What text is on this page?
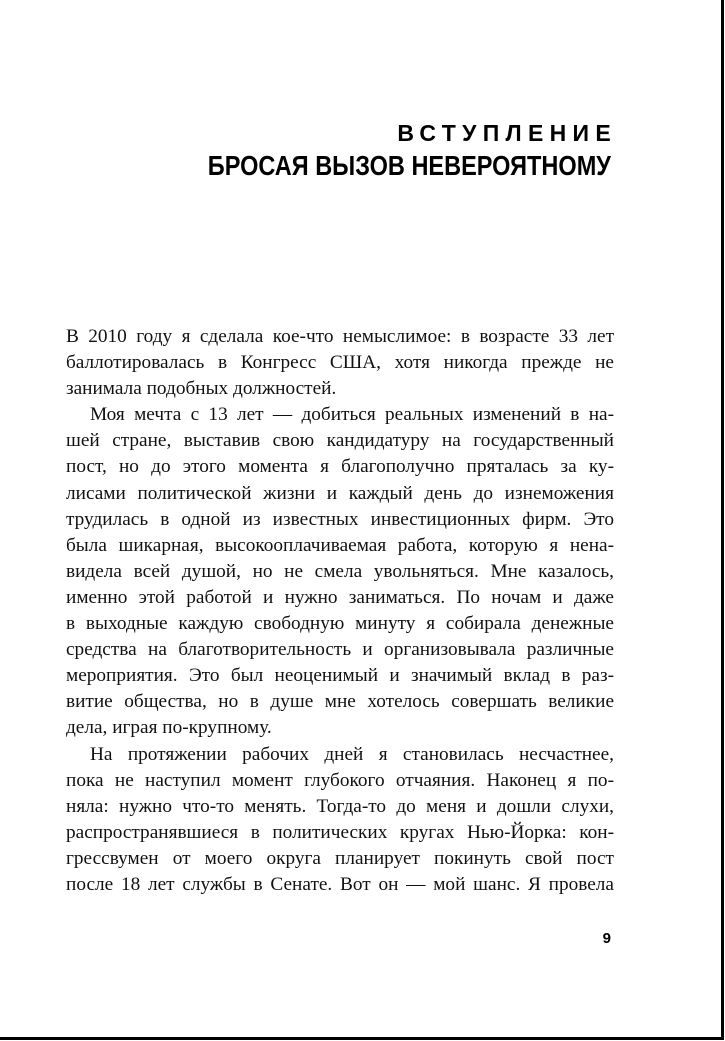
ВСТУПЛЕНИЕ
БРОСАЯ ВЫЗОВ НЕВЕРОЯТНОМУ
В 2010 году я сделала кое-что немыслимое: в возрасте 33 лет
баллотировалась в Конгресс США, хотя никогда прежде не
занимала подобных должностей.
Моя мечта с 13 лет — добиться реальных изменений в на-
шей стране, выставив свою кандидатуру на государственный
пост, но до этого момента я благополучно пряталась за ку-
лисами политической жизни и каждый день до изнеможения
трудилась в одной из известных инвестиционных фирм. Это
была шикарная, высокооплачиваемая работа, которую я нена-
видела всей душой, но не смела увольняться. Мне казалось,
именно этой работой и нужно заниматься. По ночам и даже
в выходные каждую свободную минуту я собирала денежные
средства на благотворительность и организовывала различные
мероприятия. Это был неоценимый и значимый вклад в раз-
витие общества, но в душе мне хотелось совершать великие
дела, играя по-крупному.
На протяжении рабочих дней я становилась несчастнее,
пока не наступил момент глубокого отчаяния. Наконец я по-
няла: нужно что-то менять. Тогда-то до меня и дошли слухи,
распространявшиеся в политических кругах Нью-Йорка: кон-
грессвумен от моего округа планирует покинуть свой пост
после 18 лет службы в Сенате. Вот он — мой шанс. Я провела
9
